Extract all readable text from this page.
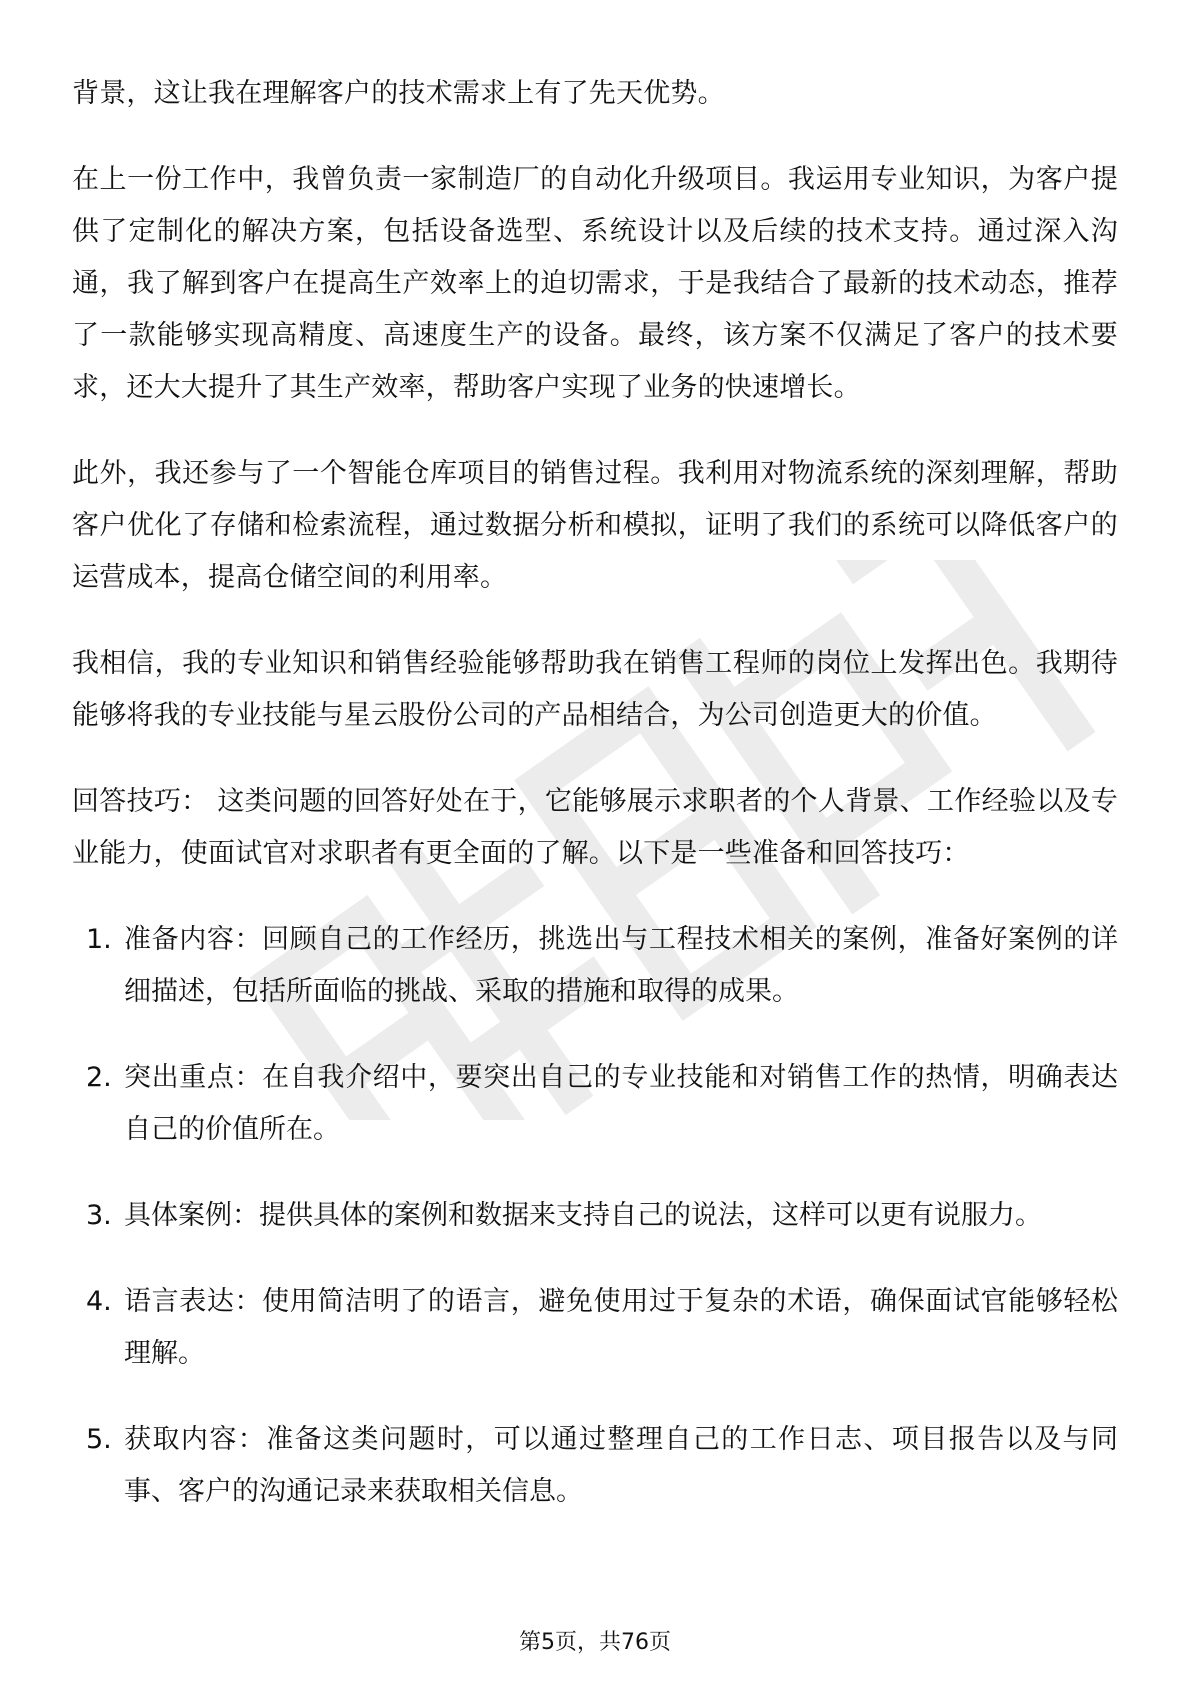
背景，这让我在理解客户的技术需求上有了先天优势。

在上一份工作中，我曾负责一家制造厂的自动化升级项目。我运用专业知识，为客户提供了定制化的解决方案，包括设备选型、系统设计以及后续的技术支持。通过深入沟通，我了解到客户在提高生产效率上的迫切需求，于是我结合了最新的技术动态，推荐了一款能够实现高精度、高速度生产的设备。最终，该方案不仅满足了客户的技术要求，还大大提升了其生产效率，帮助客户实现了业务的快速增长。

此外，我还参与了一个智能仓库项目的销售过程。我利用对物流系统的深刻理解，帮助客户优化了存储和检索流程，通过数据分析和模拟，证明了我们的系统可以降低客户的运营成本，提高仓储空间的利用率。

我相信，我的专业知识和销售经验能够帮助我在销售工程师的岗位上发挥出色。我期待能够将我的专业技能与星云股份公司的产品相结合，为公司创造更大的价值。

回答技巧： 这类问题的回答好处在于，它能够展示求职者的个人背景、工作经验以及专业能力，使面试官对求职者有更全面的了解。以下是一些准备和回答技巧：

1. 准备内容：回顾自己的工作经历，挑选出与工程技术相关的案例，准备好案例的详细描述，包括所面临的挑战、采取的措施和取得的成果。
2. 突出重点：在自我介绍中，要突出自己的专业技能和对销售工作的热情，明确表达自己的价值所在。
3. 具体案例：提供具体的案例和数据来支持自己的说法，这样可以更有说服力。
4. 语言表达：使用简洁明了的语言，避免使用过于复杂的术语，确保面试官能够轻松理解。
5. 获取内容：准备这类问题时，可以通过整理自己的工作日志、项目报告以及与同事、客户的沟通记录来获取相关信息。
第5页，共76页
